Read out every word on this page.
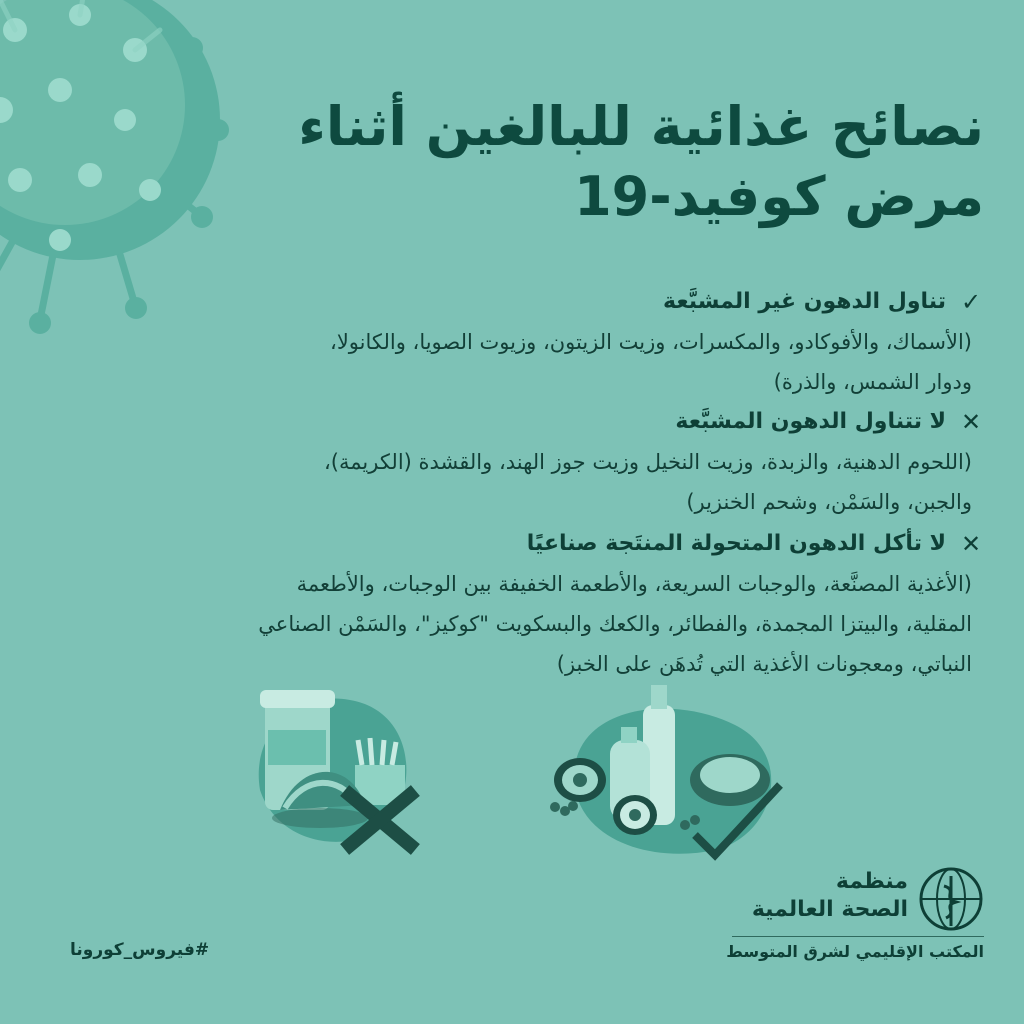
نصائح غذائية للبالغين أثناء
مرض كوفيد-19
✓
تناول الدهون غير المشبَّعة
(الأسماك، والأفوكادو، والمكسرات، وزيت الزيتون، وزيوت الصويا، والكانولا،
ودوار الشمس، والذرة)
✕
لا تتناول الدهون المشبَّعة
(اللحوم الدهنية، والزبدة، وزيت النخيل وزيت جوز الهند، والقشدة (الكريمة)،
والجبن، والسَمْن، وشحم الخنزير)
✕
لا تأكل الدهون المتحولة المنتَجة صناعيًا
(الأغذية المصنَّعة، والوجبات السريعة، والأطعمة الخفيفة بين الوجبات، والأطعمة
المقلية، والبيتزا المجمدة، والفطائر، والكعك والبسكويت "كوكيز"، والسَمْن الصناعي
النباتي، ومعجونات الأغذية التي تُدهَن على الخبز)
منظمة
الصحة العالمية
المكتب الإقليمي لشرق المتوسط
#فيروس_كورونا
